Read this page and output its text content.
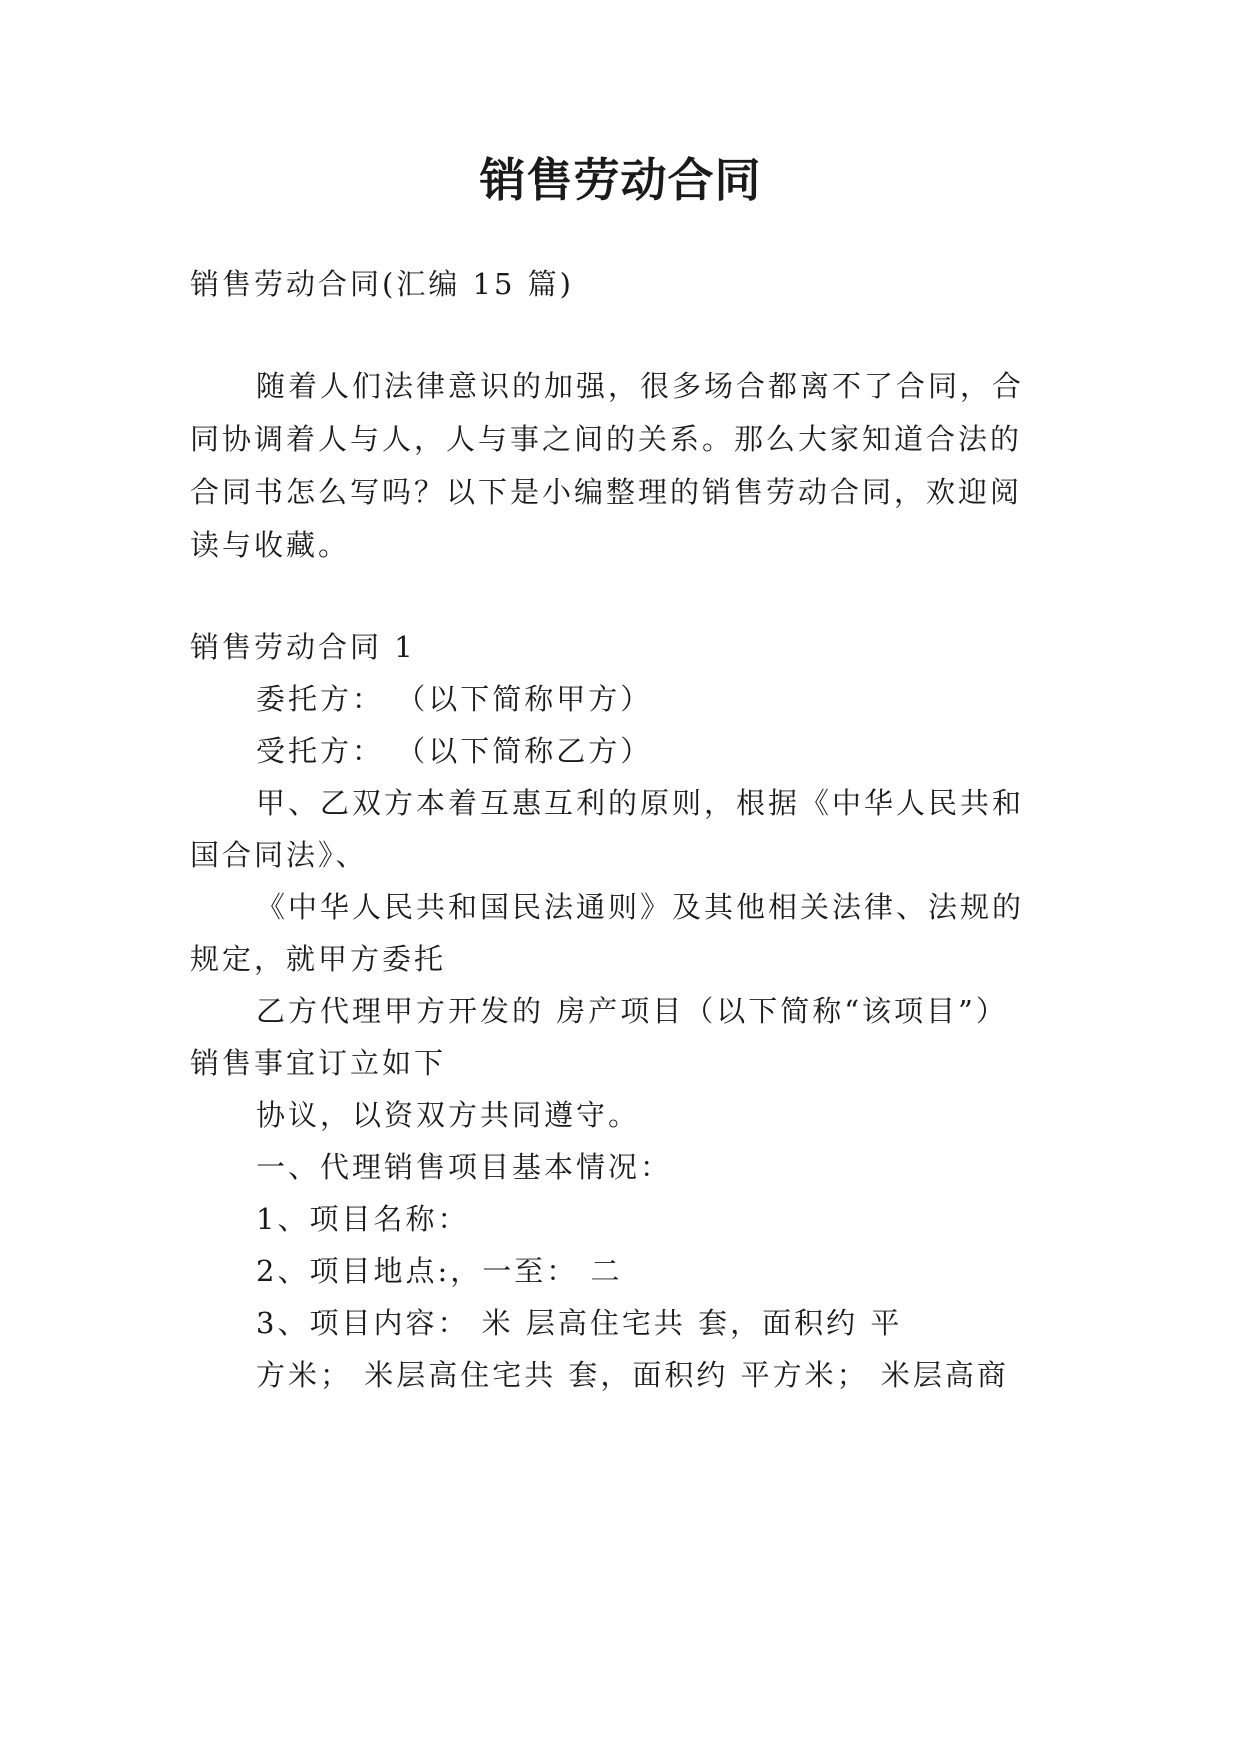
销售劳动合同
销售劳动合同(汇编 15 篇)
随着人们法律意识的加强，很多场合都离不了合同，合
同协调着人与人，人与事之间的关系。那么大家知道合法的
合同书怎么写吗？以下是小编整理的销售劳动合同，欢迎阅
读与收藏。
销售劳动合同 1
委托方： （以下简称甲方）
受托方： （以下简称乙方）
甲、乙双方本着互惠互利的原则，根据《中华人民共和
国合同法》、
《中华人民共和国民法通则》及其他相关法律、法规的
规定，就甲方委托
乙方代理甲方开发的 房产项目（以下简称“该项目”）
销售事宜订立如下
协议，以资双方共同遵守。
一、代理销售项目基本情况：
1、项目名称：
2、项目地点:，一至： 二
3、项目内容： 米 层高住宅共 套，面积约 平
方米； 米层高住宅共 套，面积约 平方米； 米层高商
